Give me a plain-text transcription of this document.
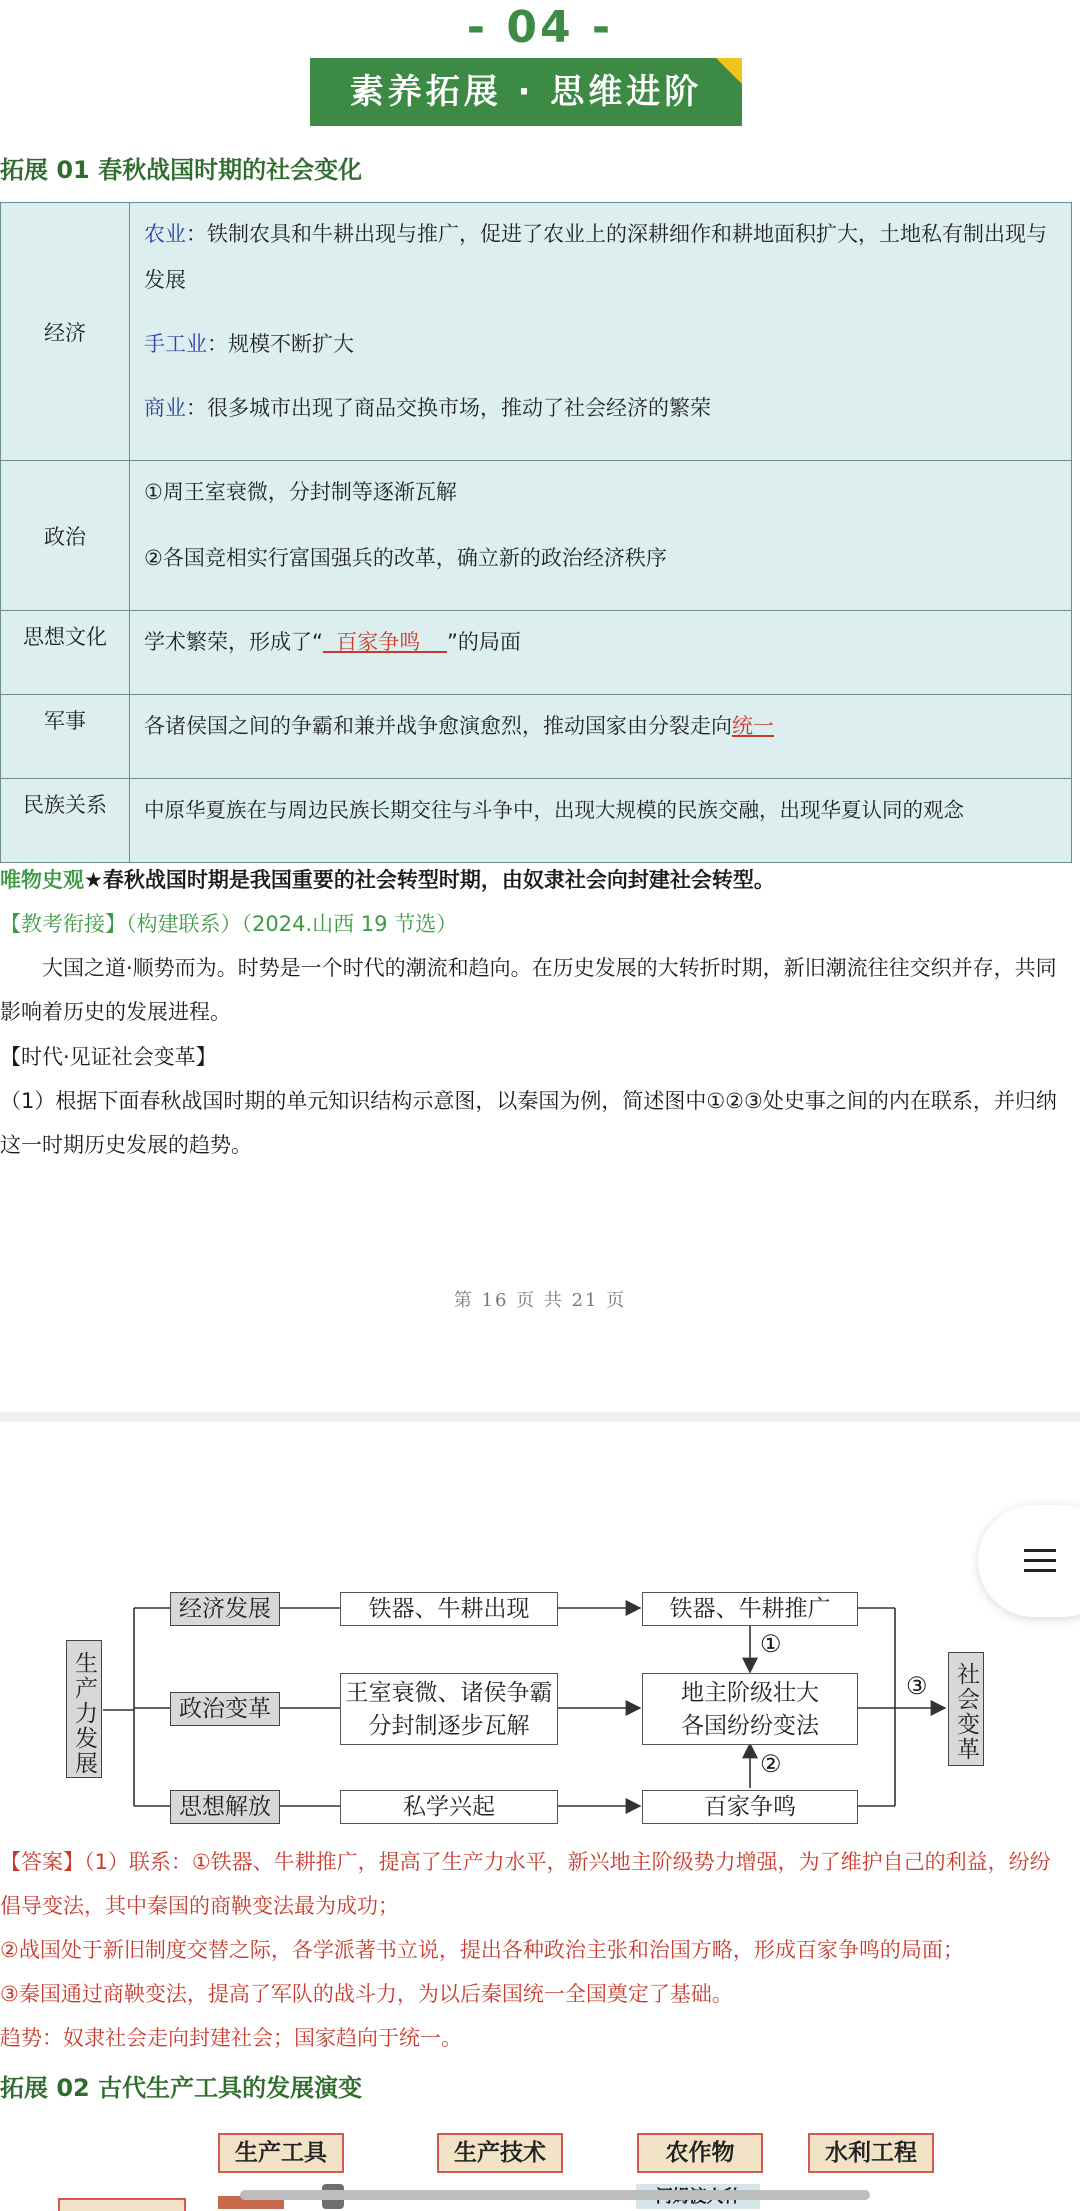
- 04 -
素养拓展 · 思维进阶
拓展 01 春秋战国时期的社会变化
经济	农业：铁制农具和牛耕出现与推广，促进了农业上的深耕细作和耕地面积扩大，土地私有制出现与发展
手工业：规模不断扩大
商业：很多城市出现了商品交换市场，推动了社会经济的繁荣

政治	①周王室衰微，分封制等逐渐瓦解
②各国竞相实行富国强兵的改革，确立新的政治经济秩序

思想文化	学术繁荣，形成了“  百家争鸣    ”的局面
军事	各诸侯国之间的争霸和兼并战争愈演愈烈，推动国家由分裂走向统一
民族关系	中原华夏族在与周边民族长期交往与斗争中，出现大规模的民族交融，出现华夏认同的观念
唯物史观★春秋战国时期是我国重要的社会转型时期，由奴隶社会向封建社会转型。
【教考衔接】（构建联系）（2024.山西 19 节选）
大国之道·顺势而为。时势是一个时代的潮流和趋向。在历史发展的大转折时期，新旧潮流往往交织并存，共同影响着历史的发展进程。
【时代·见证社会变革】
（1）根据下面春秋战国时期的单元知识结构示意图，以秦国为例，简述图中①②③处史事之间的内在联系，并归纳这一时期历史发展的趋势。
第 16 页 共 21 页
生产力发展
经济发展
政治变革
思想解放
铁器、牛耕出现
王室衰微、诸侯争霸
分封制逐步瓦解
私学兴起
铁器、牛耕推广
地主阶级壮大
各国纷纷变法
百家争鸣
①
②
③ 社会变革
【答案】（1）联系：①铁器、牛耕推广，提高了生产力水平，新兴地主阶级势力增强，为了维护自己的利益，纷纷倡导变法，其中秦国的商鞅变法最为成功；
②战国处于新旧制度交替之际，各学派著书立说，提出各种政治主张和治国方略，形成百家争鸣的局面；
③秦国通过商鞅变法，提高了军队的战斗力，为以后秦国统一全国奠定了基础。
趋势：奴隶社会走向封建社会；国家趋向于统一。
拓展 02 古代生产工具的发展演变
生产工具	生产技术	农作物	水利工程
